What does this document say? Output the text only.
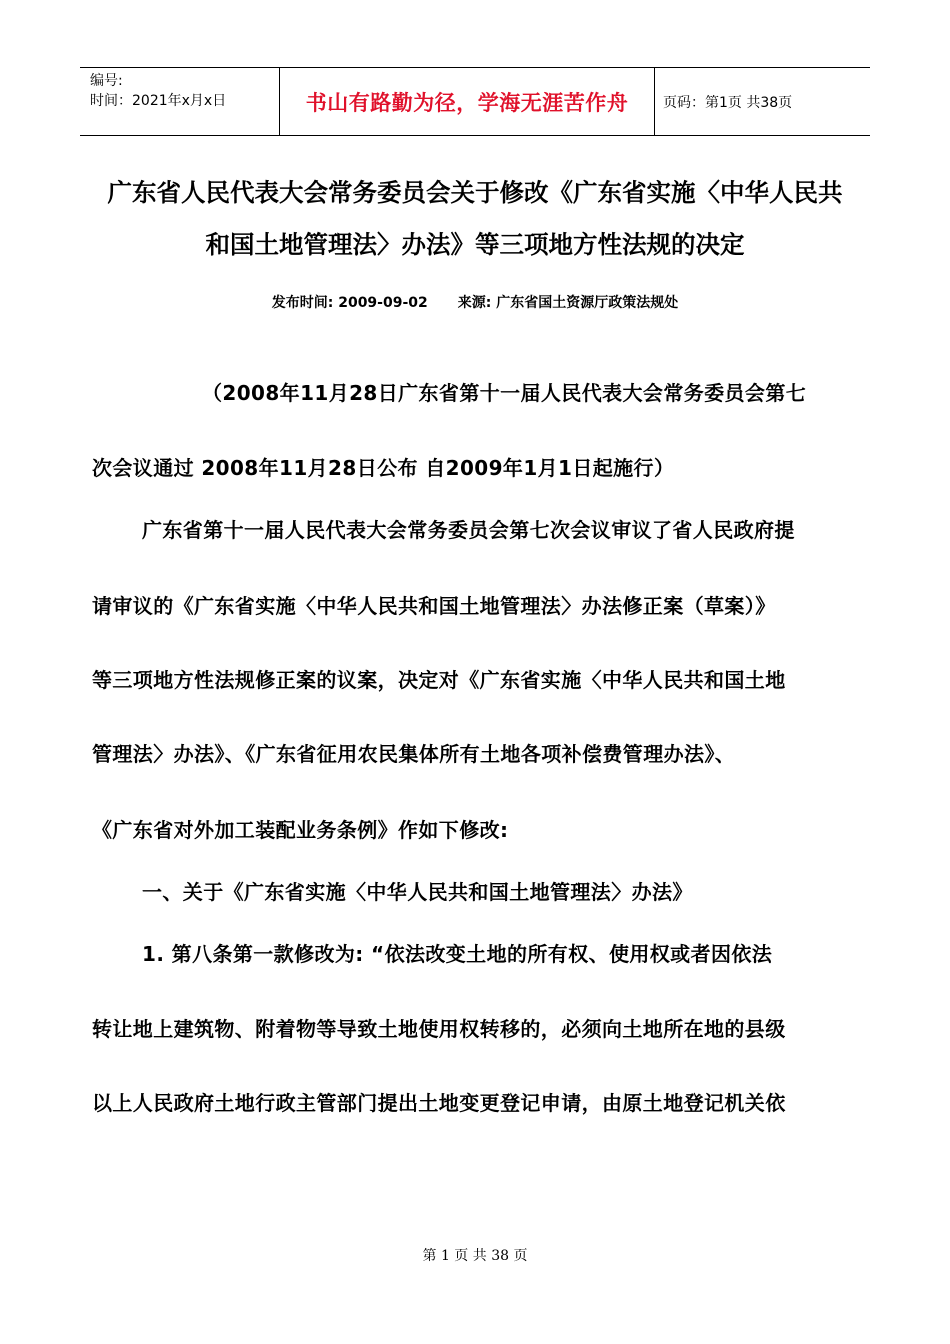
编号:
时间：2021年x月x日	书山有路勤为径，学海无涯苦作舟 页码：第1页 共38页
广东省人民代表大会常务委员会关于修改《广东省实施〈中华人民共
和国土地管理法〉办法》等三项地方性法规的决定
发布时间: 2009-09-02 来源: 广东省国土资源厅政策法规处
（2008年11月28日广东省第十一届人民代表大会常务委员会第七
次会议通过 2008年11月28日公布 自2009年1月1日起施行）
广东省第十一届人民代表大会常务委员会第七次会议审议了省人民政府提
请审议的《广东省实施〈中华人民共和国土地管理法〉办法修正案（草案）》
等三项地方性法规修正案的议案，决定对《广东省实施〈中华人民共和国土地
管理法〉办法》、《广东省征用农民集体所有土地各项补偿费管理办法》、
《广东省对外加工装配业务条例》作如下修改:
一、关于《广东省实施〈中华人民共和国土地管理法〉办法》
1. 第八条第一款修改为: “依法改变土地的所有权、使用权或者因依法
转让地上建筑物、附着物等导致土地使用权转移的，必须向土地所在地的县级
以上人民政府土地行政主管部门提出土地变更登记申请，由原土地登记机关依
第 1 页 共 38 页
